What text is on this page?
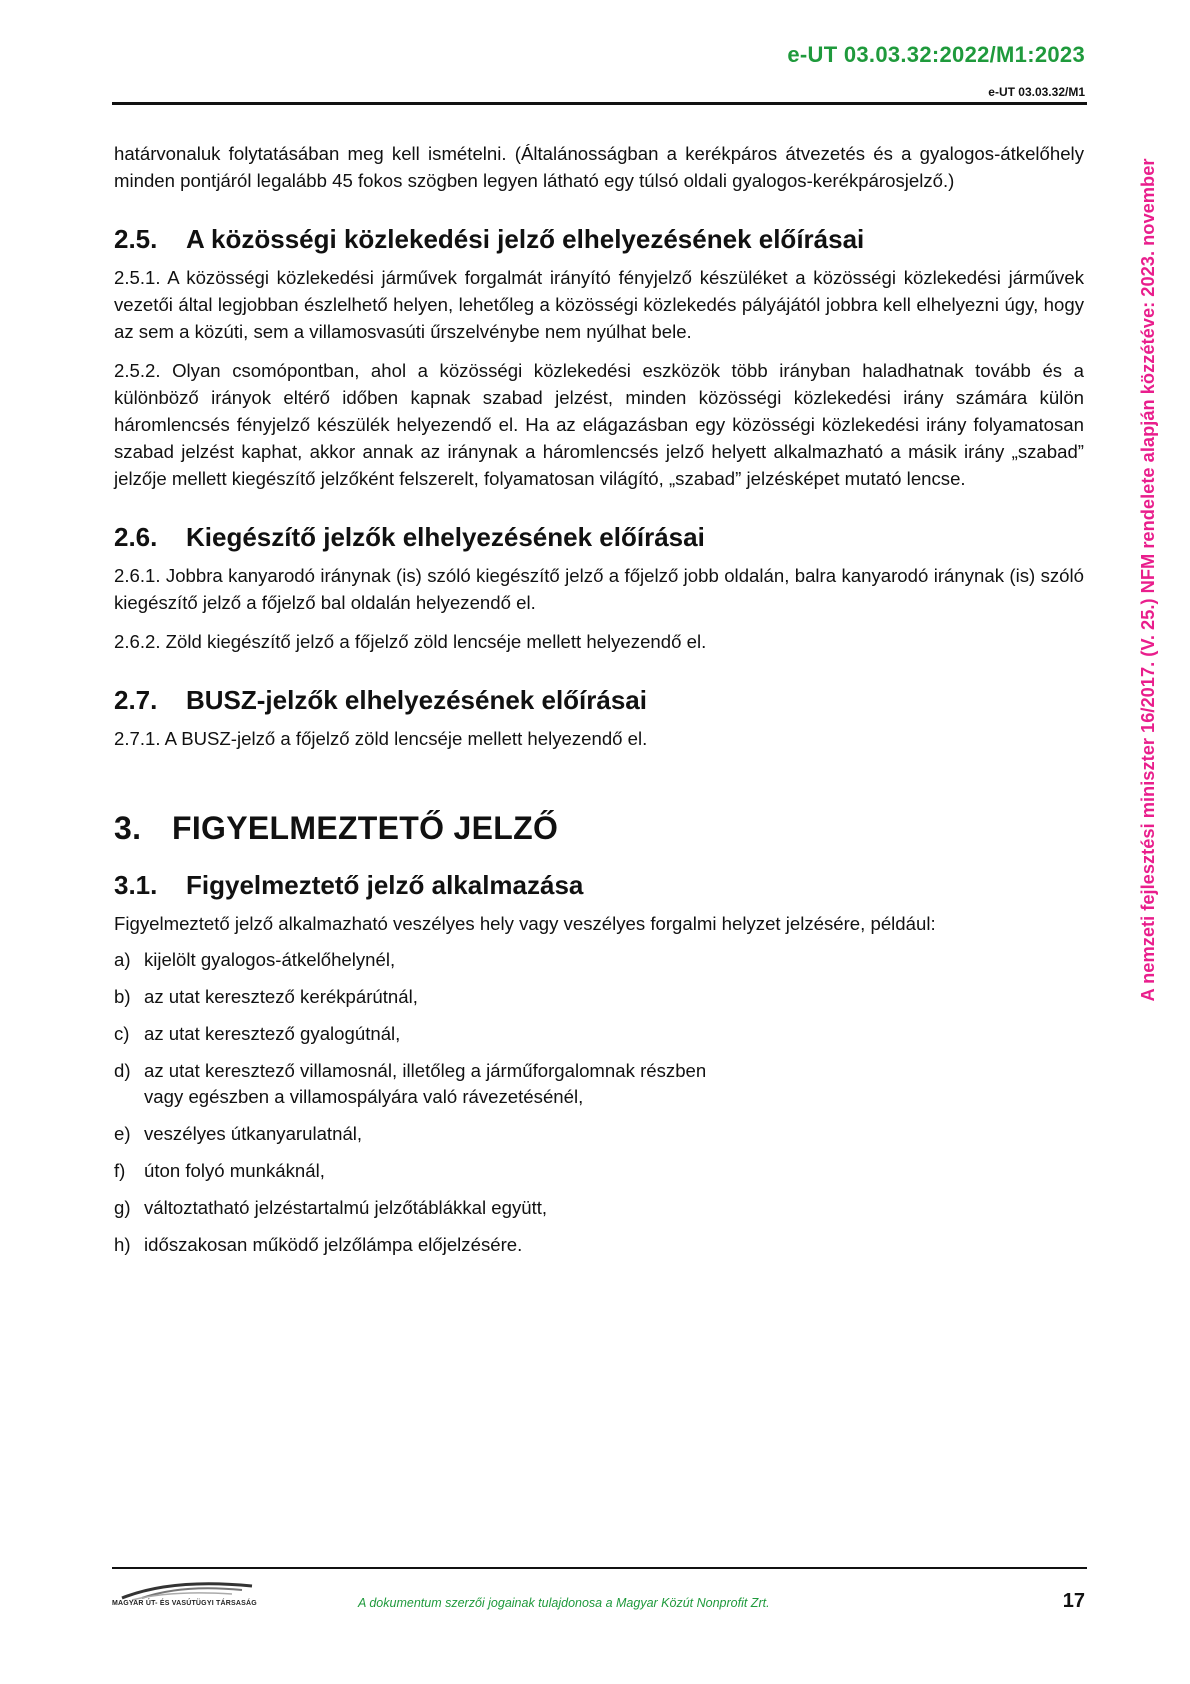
e-UT 03.03.32:2022/M1:2023
e-UT 03.03.32/M1

határvonaluk folytatásában meg kell ismételni. (Általánosságban a kerékpáros átvezetés és a gyalogos-átkelőhely minden pontjáról legalább 45 fokos szögben legyen látható egy túlsó oldali gyalogos-kerékpárosjelző.)

2.5.	A közösségi közlekedési jelző elhelyezésének előírásai

2.5.1. A közösségi közlekedési járművek forgalmát irányító fényjelző készüléket a közösségi közlekedési járművek vezetői által legjobban észlelhető helyen, lehetőleg a közösségi közlekedés pályájától jobbra kell elhelyezni úgy, hogy az sem a közúti, sem a villamosvasúti űrszelvénybe nem nyúlhat bele.

2.5.2. Olyan csomópontban, ahol a közösségi közlekedési eszközök több irányban haladhatnak tovább és a különböző irányok eltérő időben kapnak szabad jelzést, minden közösségi közlekedési irány számára külön háromlencsés fényjelző készülék helyezendő el. Ha az elágazásban egy közösségi közlekedési irány folyamatosan szabad jelzést kaphat, akkor annak az iránynak a háromlencsés jelző helyett alkalmazható a másik irány „szabad” jelzője mellett kiegészítő jelzőként felszerelt, folyamatosan világító, „szabad” jelzésképet mutató lencse.

2.6.	Kiegészítő jelzők elhelyezésének előírásai

2.6.1. Jobbra kanyarodó iránynak (is) szóló kiegészítő jelző a főjelző jobb oldalán, balra kanyarodó iránynak (is) szóló kiegészítő jelző a főjelző bal oldalán helyezendő el.

2.6.2. Zöld kiegészítő jelző a főjelző zöld lencséje mellett helyezendő el.

2.7.	BUSZ-jelzők elhelyezésének előírásai

2.7.1. A BUSZ-jelző a főjelző zöld lencséje mellett helyezendő el.

3. FIGYELMEZTETŐ JELZŐ
3.1.	Figyelmeztető jelző alkalmazása

Figyelmeztető jelző alkalmazható veszélyes hely vagy veszélyes forgalmi helyzet jelzésére, például:

a) kijelölt gyalogos-átkelőhelynél,
b) az utat keresztező kerékpárútnál,
c) az utat keresztező gyalogútnál,
d) az utat keresztező villamosnál, illetőleg a járműforgalomnak részben
vagy egészben a villamospályára való rávezetésénél,
e) veszélyes útkanyarulatnál,
f)	úton folyó munkáknál,
g) változtatható jelzéstartalmú jelzőtáblákkal együtt,
h) időszakosan működő jelzőlámpa előjelzésére.
A nemzeti fejlesztési miniszter 16/2017. (V. 25.) NFM rendelete alapján közzétéve: 2023. november
MAGYAR ÚT- ÉS VASÚTÜGYI TÁRSASÁG	A dokumentum szerzői jogainak tulajdonosa a Magyar Közút Nonprofit Zrt.	17
